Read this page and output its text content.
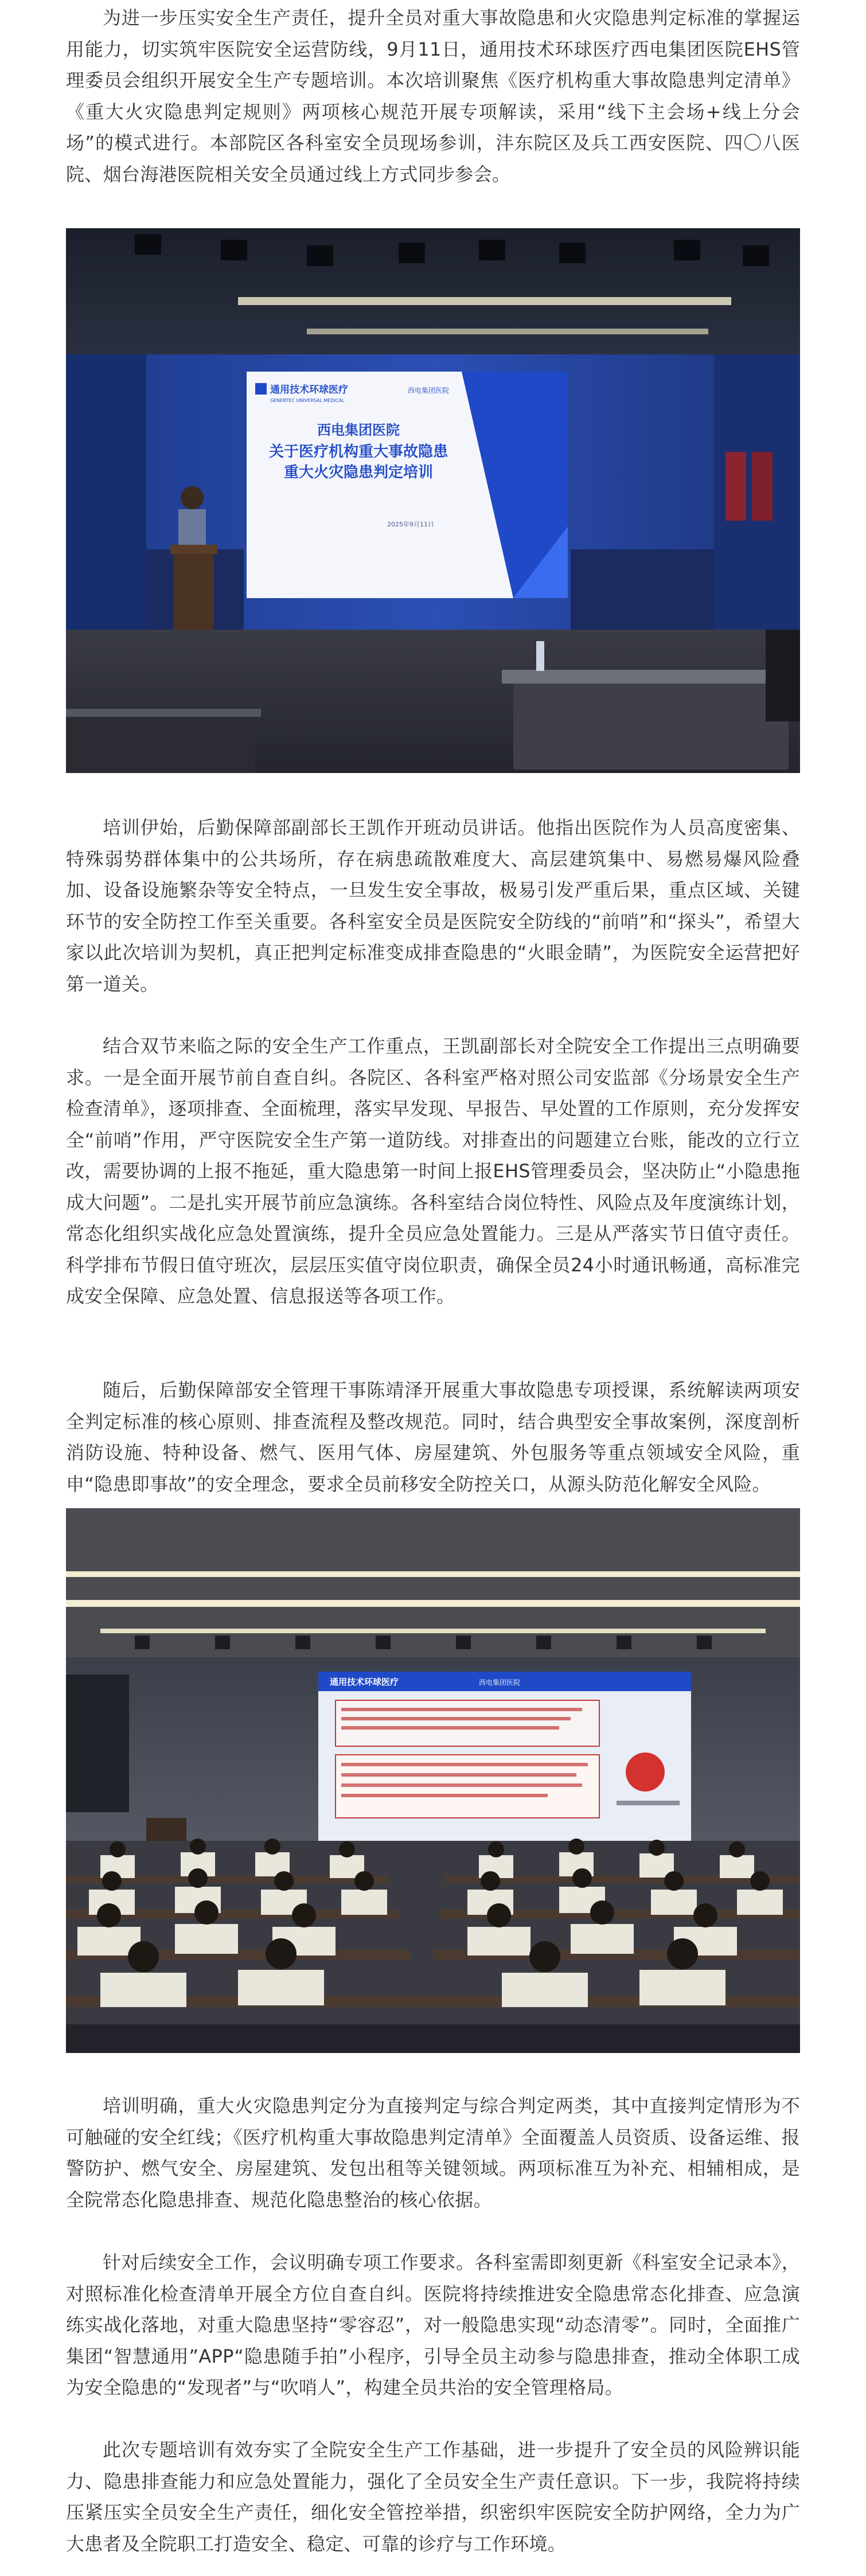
为进一步压实安全生产责任，提升全员对重大事故隐患和火灾隐患判定标准的掌握运用能力，切实筑牢医院安全运营防线，9月11日，通用技术环球医疗西电集团医院EHS管理委员会组织开展安全生产专题培训。本次培训聚焦《医疗机构重大事故隐患判定清单》《重大火灾隐患判定规则》两项核心规范开展专项解读，采用“线下主会场+线上分会场”的模式进行。本部院区各科室安全员现场参训，沣东院区及兵工西安医院、四〇八医院、烟台海港医院相关安全员通过线上方式同步参会。

通用技术环球医疗
GENERTEC UNIVERSAL MEDICAL
西电集团医院
西电集团医院
关于医疗机构重大事故隐患
重大火灾隐患判定培训
2025年9月11日

培训伊始，后勤保障部副部长王凯作开班动员讲话。他指出医院作为人员高度密集、特殊弱势群体集中的公共场所，存在病患疏散难度大、高层建筑集中、易燃易爆风险叠加、设备设施繁杂等安全特点，一旦发生安全事故，极易引发严重后果，重点区域、关键环节的安全防控工作至关重要。各科室安全员是医院安全防线的“前哨”和“探头”，希望大家以此次培训为契机，真正把判定标准变成排查隐患的“火眼金睛”，为医院安全运营把好第一道关。

结合双节来临之际的安全生产工作重点，王凯副部长对全院安全工作提出三点明确要求。一是全面开展节前自查自纠。各院区、各科室严格对照公司安监部《分场景安全生产检查清单》，逐项排查、全面梳理，落实早发现、早报告、早处置的工作原则，充分发挥安全“前哨”作用，严守医院安全生产第一道防线。对排查出的问题建立台账，能改的立行立改，需要协调的上报不拖延，重大隐患第一时间上报EHS管理委员会，坚决防止“小隐患拖成大问题”。二是扎实开展节前应急演练。各科室结合岗位特性、风险点及年度演练计划，常态化组织实战化应急处置演练，提升全员应急处置能力。三是从严落实节日值守责任。科学排布节假日值守班次，层层压实值守岗位职责，确保全员24小时通讯畅通，高标准完成安全保障、应急处置、信息报送等各项工作。

随后，后勤保障部安全管理干事陈靖泽开展重大事故隐患专项授课，系统解读两项安全判定标准的核心原则、排查流程及整改规范。同时，结合典型安全事故案例，深度剖析消防设施、特种设备、燃气、医用气体、房屋建筑、外包服务等重点领域安全风险，重申“隐患即事故”的安全理念，要求全员前移安全防控关口，从源头防范化解安全风险。

通用技术环球医疗	西电集团医院

培训明确，重大火灾隐患判定分为直接判定与综合判定两类，其中直接判定情形为不可触碰的安全红线；《医疗机构重大事故隐患判定清单》全面覆盖人员资质、设备运维、报警防护、燃气安全、房屋建筑、发包出租等关键领域。两项标准互为补充、相辅相成，是全院常态化隐患排查、规范化隐患整治的核心依据。

针对后续安全工作，会议明确专项工作要求。各科室需即刻更新《科室安全记录本》，对照标准化检查清单开展全方位自查自纠。医院将持续推进安全隐患常态化排查、应急演练实战化落地，对重大隐患坚持“零容忍”，对一般隐患实现“动态清零”。同时，全面推广集团“智慧通用”APP“隐患随手拍”小程序，引导全员主动参与隐患排查，推动全体职工成为安全隐患的“发现者”与“吹哨人”，构建全员共治的安全管理格局。

此次专题培训有效夯实了全院安全生产工作基础，进一步提升了安全员的风险辨识能力、隐患排查能力和应急处置能力，强化了全员安全生产责任意识。下一步，我院将持续压紧压实全员安全生产责任，细化安全管控举措，织密织牢医院安全防护网络，全力为广大患者及全院职工打造安全、稳定、可靠的诊疗与工作环境。
